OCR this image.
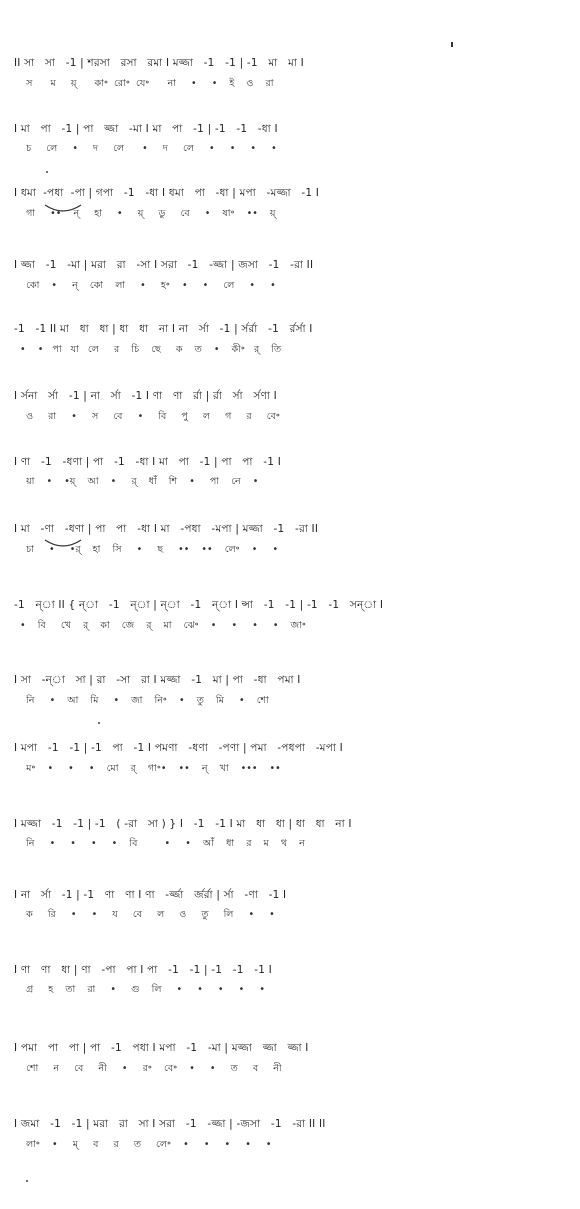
II সা   সা   -1 | শরসা   রসা   রমা I মজ্জা   -1   -1 | -1   মা   মা I
স      ম     য়্      কা॰  রো॰  যে॰      না     •     •    ই    ও    রা
I মা   পা   -1 | পা   জ্জা   -মা I মা   পা   -1 | -1   -1   -ধা I
চ     লে     •     দ     লে      •     দ     লে     •     •     •     •
I ধমা  -পধা  -পা | গপা   -1   -ধা I ধমা   পা   -ধা | মপা   -মজ্জা   -1 I
গা     ••    ন্     হা     •     য়্     ডু     বে     •    ষা॰    ••    য়্
I জ্জা   -1   -মা | মরা   রা   -সা I সরা   -1   -জ্জা | জসা   -1   -রা II
কো    •     ন্    কো    লা     •     হ॰    •     •     লে     •     •
-1   -1 II মা   ধা   ধা | ধা   ধা   না I না   র্সা   -1 | র্সর্রা   -1   র্রর্সা I
•    •   পা   যা   লে     র    চি    ছে     ক    ত    •    কী॰   র্    তি
I র্সনা   র্সা   -1 | না   র্সা   -1 I ণা   ণা   র্রা | র্রা   র্সা   র্সণা I
ও     রা     •     স     বে     •     বি     পু     ল     গ     র     বে॰
I ণা   -1   -ধণা | পা   -1   -ধা I মা   পা   -1 | পা   পা   -1 I
য়া    •    •য়্    আ    •     র্    ধাঁ    শি    •     পা    নে    •
I মা   -ণা   -ধণা | পা   পা   -ধা I মা   -পধা   -মপা | মজ্জা   -1   -রা II
চা     •     •র্    হা    সি     •     ছ     ••    ••    লে॰    •     •
-1   ন্া II { ন্া   -1   ন্া | ন্া   -1   ন্া I ন্সা   -1   -1 | -1   -1   সন্া I
•    বি     খে    র্    কা    জে    র্    মা    ঝে॰    •     •     •     •    জা॰
I সা   -ন্া   সা | রা   -সা   রা I মজ্জা   -1   মা | পা   -ধা   পমা I
নি     •    আ    মি     •    জা    নি॰    •    তু    মি     •    শো
I মপা   -1   -1 | -1   পা   -1 I পমণা   -ধণা   -পণা | পমা   -পধপা   -মপা I
ম॰    •     •     •    মো    র্    গা॰•    ••    ন্    খা    •••    ••
I মজ্জা   -1   -1 | -1   ( -রা   সা ) } I   -1   -1 I মা   ধা   ধা | ধা   ধা   না I
নি     •     •     •     •    বি         •     •    আঁ    ধা    র    ম    থ    ন
I না   র্সা   -1 | -1   ণা   ণা I ণা   -র্জ্জা   র্জর্রা | র্সা   -ণা   -1 I
ক     রি     •     •     য     বে     ল     ও     তু     লি     •     •
I ণা   ণা   ধা | ণা   -পা   পা I পা   -1   -1 | -1   -1   -1 I
গ্র     হ    তা    রা     •     গু    লি     •     •     •     •     •
I পমা   পা   পা | পা   -1   পধা I মপা   -1   -মা | মজ্জা   জ্জা   জ্জা I
শো     ন     বে     নী     •     র॰    বে॰    •     •     ত     ব     নী
I জমা   -1   -1 | মরা   রা   সা I সরা   -1   -জ্জা | -জসা   -1   -রা II II
লা॰    •     ম্     ব     র     ত     লে॰    •     •     •     •     •
